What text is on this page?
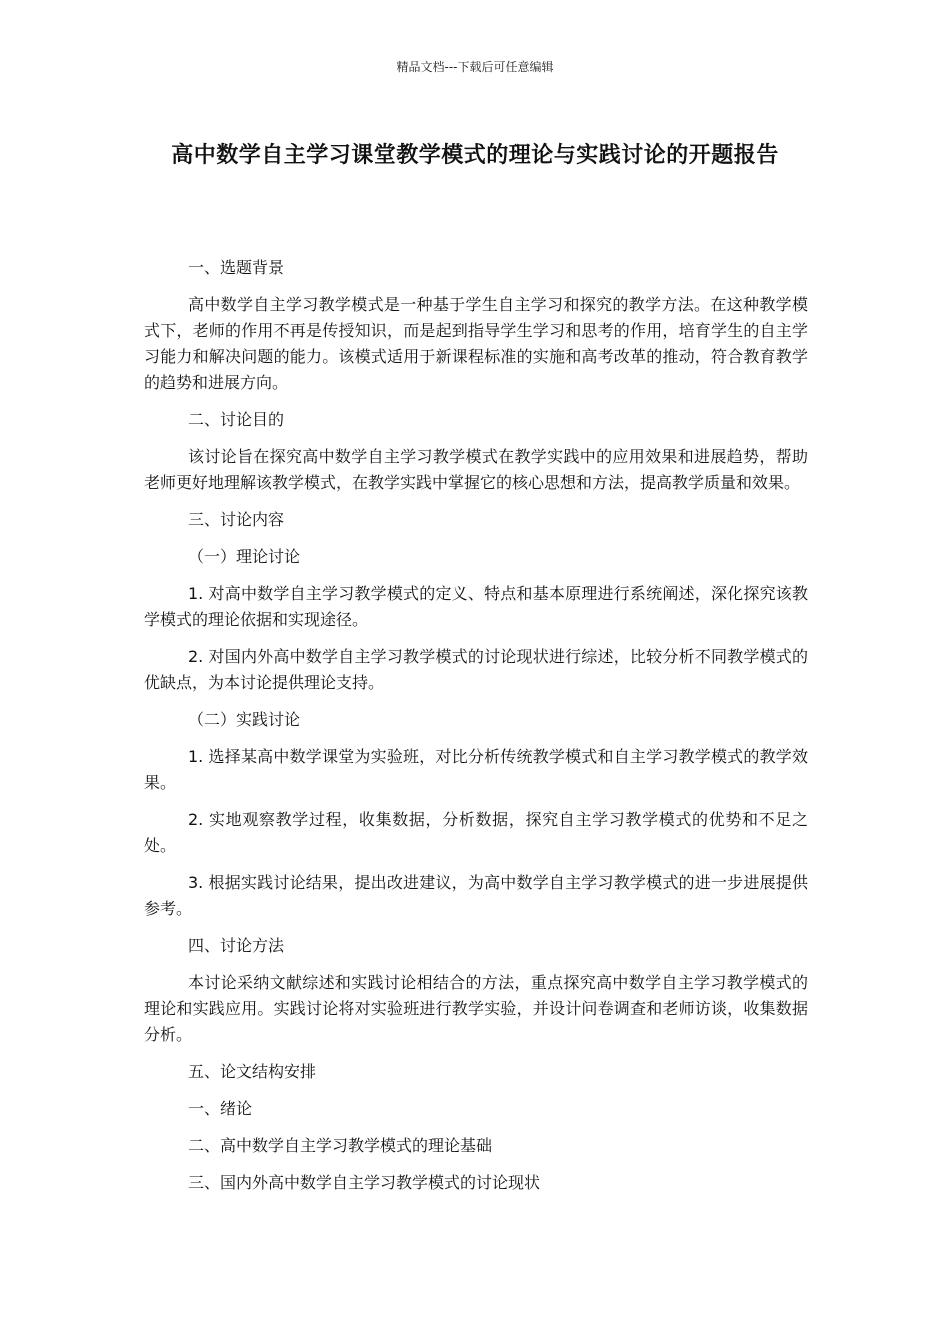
精品文档---下载后可任意编辑
高中数学自主学习课堂教学模式的理论与实践讨论的开题报告

一、选题背景

高中数学自主学习教学模式是一种基于学生自主学习和探究的教学方法。在这种教学模式下，老师的作用不再是传授知识，而是起到指导学生学习和思考的作用，培育学生的自主学习能力和解决问题的能力。该模式适用于新课程标准的实施和高考改革的推动，符合教育教学的趋势和进展方向。

二、讨论目的

该讨论旨在探究高中数学自主学习教学模式在教学实践中的应用效果和进展趋势，帮助老师更好地理解该教学模式，在教学实践中掌握它的核心思想和方法，提高教学质量和效果。

三、讨论内容

（一）理论讨论

1. 对高中数学自主学习教学模式的定义、特点和基本原理进行系统阐述，深化探究该教学模式的理论依据和实现途径。

2. 对国内外高中数学自主学习教学模式的讨论现状进行综述，比较分析不同教学模式的优缺点，为本讨论提供理论支持。

（二）实践讨论

1. 选择某高中数学课堂为实验班，对比分析传统教学模式和自主学习教学模式的教学效果。

2. 实地观察教学过程，收集数据，分析数据，探究自主学习教学模式的优势和不足之处。

3. 根据实践讨论结果，提出改进建议，为高中数学自主学习教学模式的进一步进展提供参考。

四、讨论方法

本讨论采纳文献综述和实践讨论相结合的方法，重点探究高中数学自主学习教学模式的理论和实践应用。实践讨论将对实验班进行教学实验，并设计问卷调查和老师访谈，收集数据分析。

五、论文结构安排

一、绪论

二、高中数学自主学习教学模式的理论基础

三、国内外高中数学自主学习教学模式的讨论现状
